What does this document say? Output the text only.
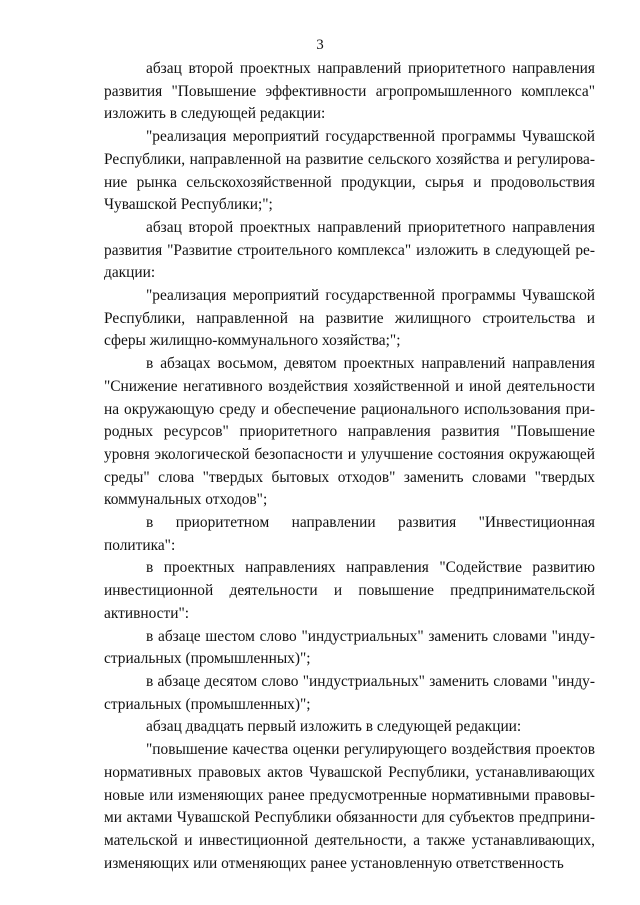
3

абзац второй проектных направлений приоритетного направления развития "Повышение эффективности агропромышленного комплекса" изложить в следующей редакции:

"реализация мероприятий государственной программы Чувашской Республики, направленной на развитие сельского хозяйства и регулирование рынка сельскохозяйственной продукции, сырья и продовольствия Чувашской Республики;";

абзац второй проектных направлений приоритетного направления развития "Развитие строительного комплекса" изложить в следующей редакции:

"реализация мероприятий государственной программы Чувашской Республики, направленной на развитие жилищного строительства и сферы жилищно-коммунального хозяйства;";

в абзацах восьмом, девятом проектных направлений направления "Снижение негативного воздействия хозяйственной и иной деятельности на окружающую среду и обеспечение рационального использования природных ресурсов" приоритетного направления развития "Повышение уровня экологической безопасности и улучшение состояния окружающей среды" слова "твердых бытовых отходов" заменить словами "твердых коммунальных отходов";

в приоритетном направлении развития "Инвестиционная политика":

в проектных направлениях направления "Содействие развитию инвестиционной деятельности и повышение предпринимательской активности":

в абзаце шестом слово "индустриальных" заменить словами "индустриальных (промышленных)";

в абзаце десятом слово "индустриальных" заменить словами "индустриальных (промышленных)";

абзац двадцать первый изложить в следующей редакции:

"повышение качества оценки регулирующего воздействия проектов нормативных правовых актов Чувашской Республики, устанавливающих новые или изменяющих ранее предусмотренные нормативными правовыми актами Чувашской Республики обязанности для субъектов предпринимательской и инвестиционной деятельности, а также устанавливающих, изменяющих или отменяющих ранее установленную ответственность
